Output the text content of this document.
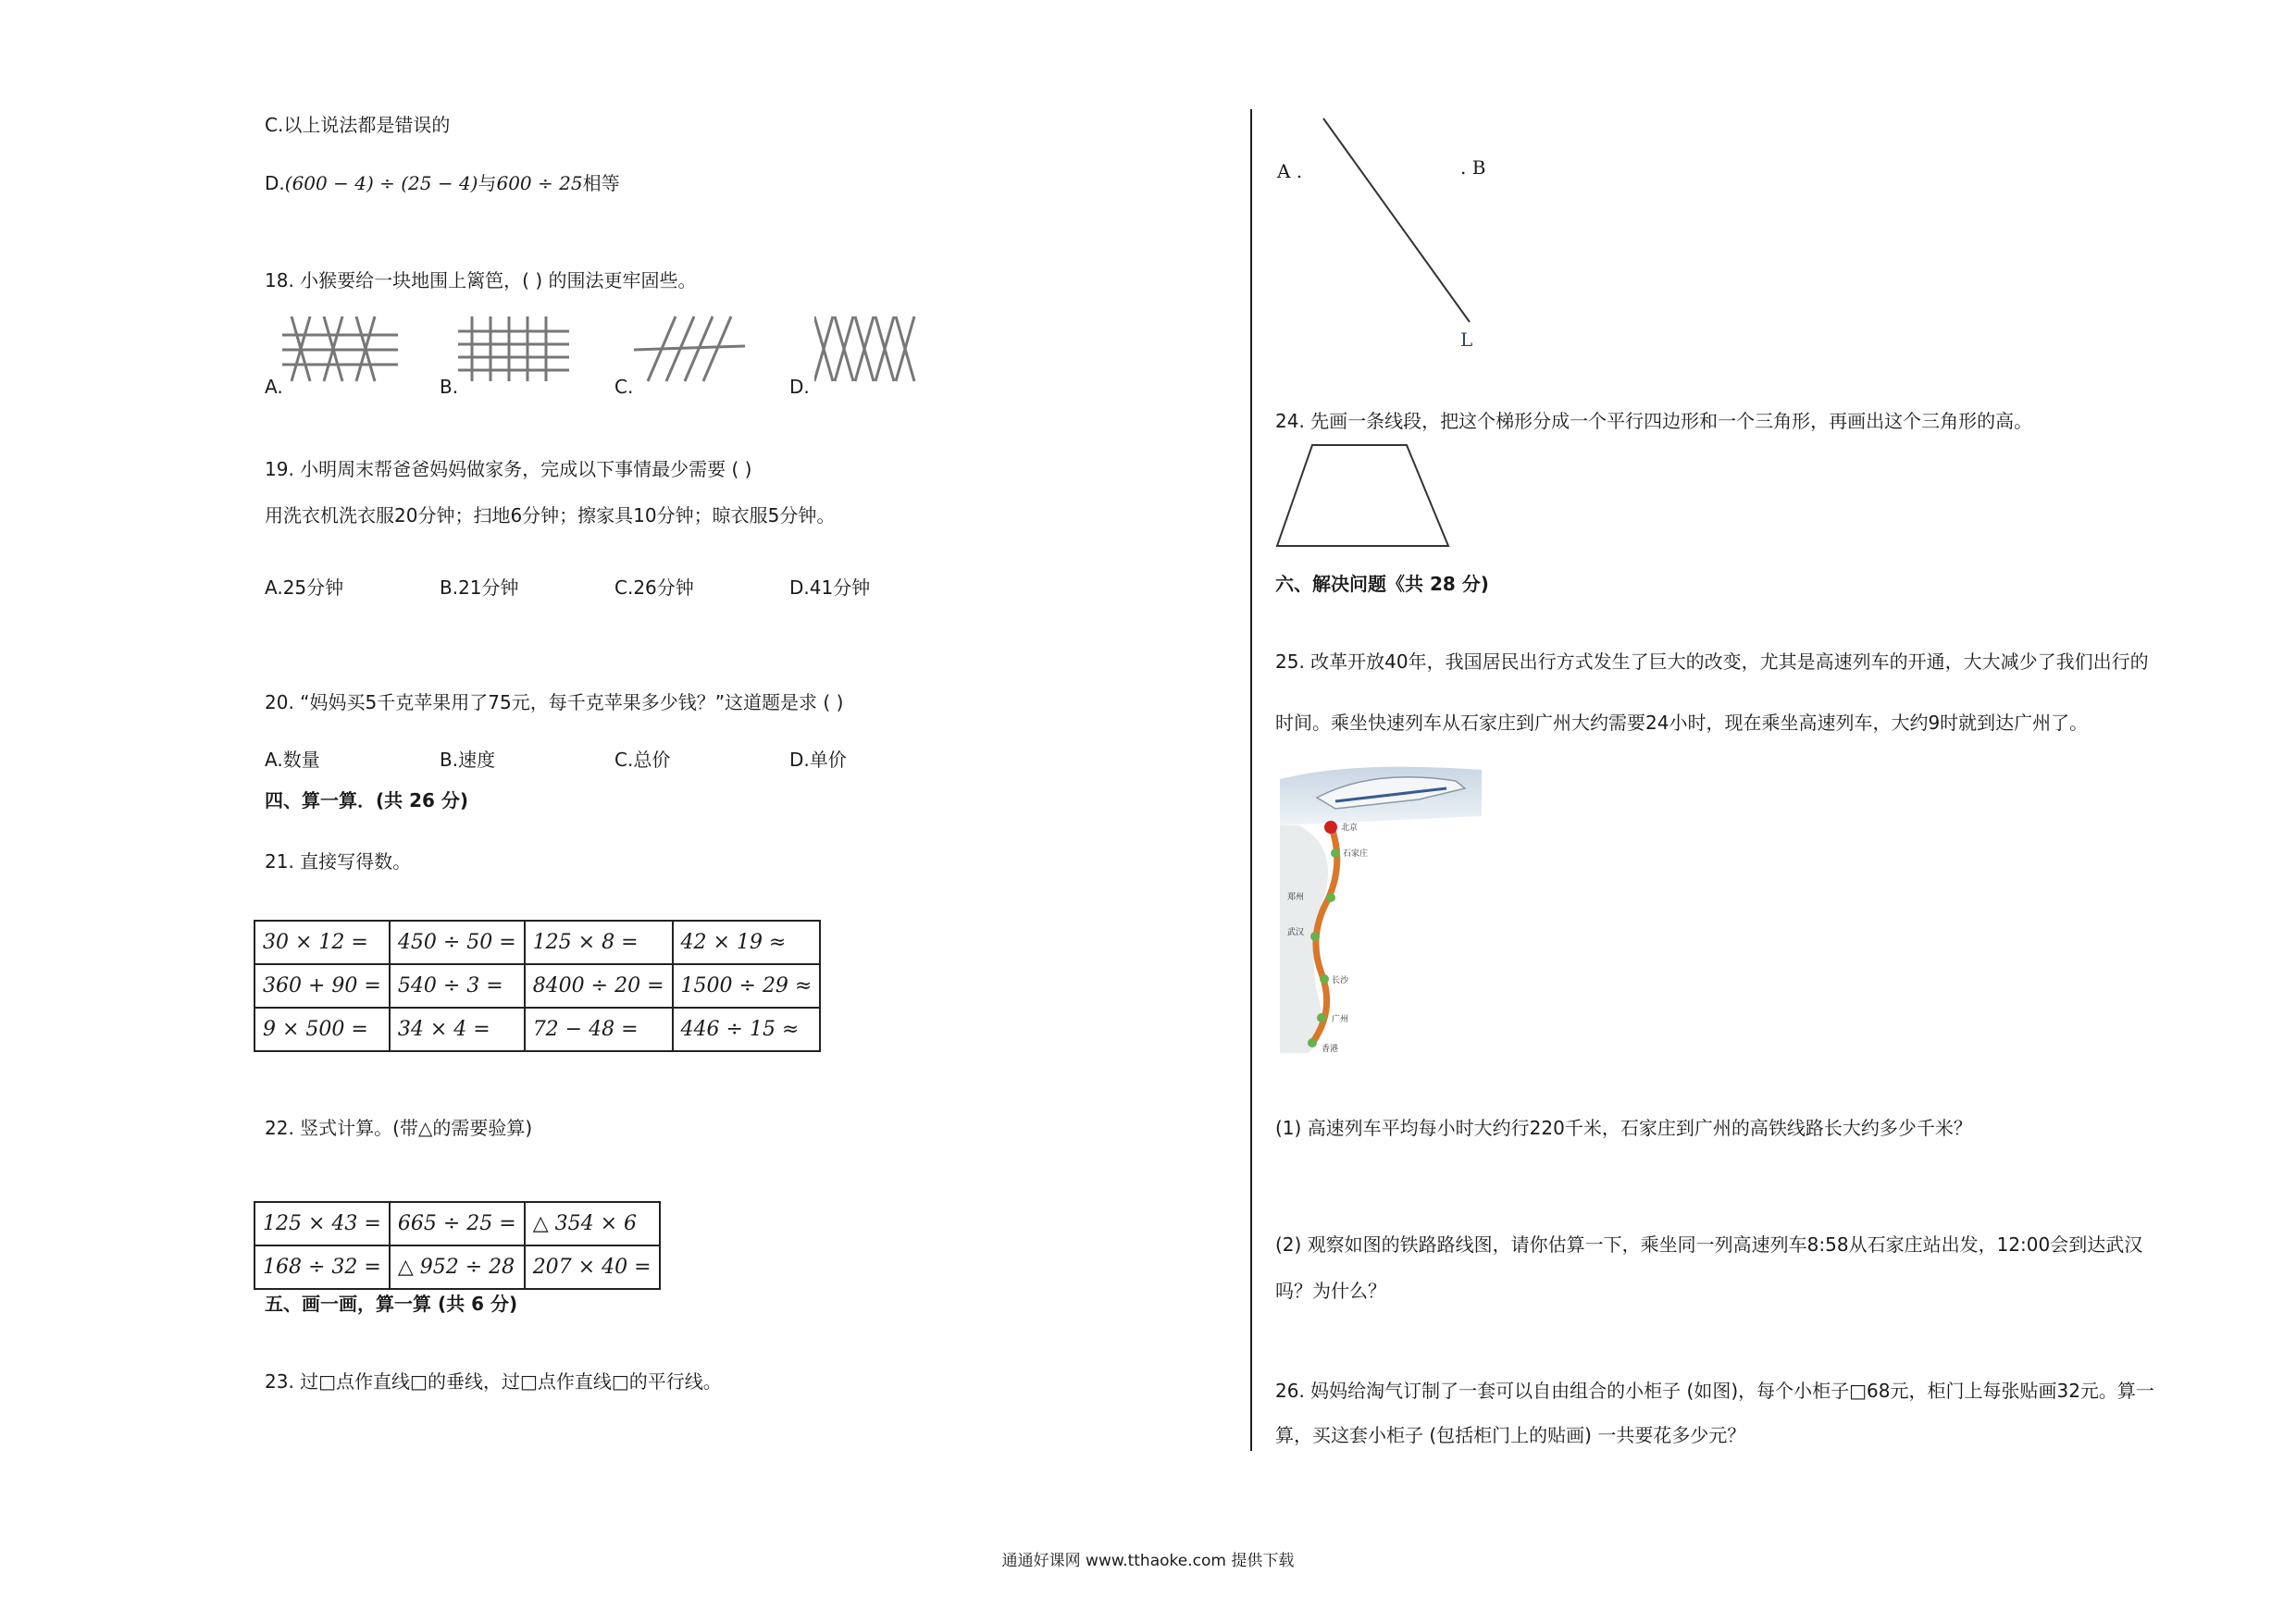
C.以上说法都是错误的
D.(600 − 4) ÷ (25 − 4)与600 ÷ 25相等
18. 小猴要给一块地围上篱笆，( ) 的围法更牢固些。
A.	B.	C.	D.
19. 小明周末帮爸爸妈妈做家务，完成以下事情最少需要 ( )
用洗衣机洗衣服20分钟；扫地6分钟；擦家具10分钟；晾衣服5分钟。
A.25分钟	B.21分钟	C.26分钟	D.41分钟
20. “妈妈买5千克苹果用了75元，每千克苹果多少钱？”这道题是求 ( )
A.数量	B.速度	C.总价	D.单价
四、算一算．(共 26 分)
21. 直接写得数。
30 × 12 =	450 ÷ 50 =	125 × 8 =	42 × 19 ≈
360 + 90 =	540 ÷ 3 =	8400 ÷ 20 =	1500 ÷ 29 ≈
9 × 500 =	34 × 4 =	72 − 48 =	446 ÷ 15 ≈
22. 竖式计算。(带△的需要验算)
125 × 43 =	665 ÷ 25 =	△ 354 × 6
168 ÷ 32 =	△ 952 ÷ 28	207 × 40 =
五、画一画，算一算 (共 6 分)
23. 过□点作直线□的垂线，过□点作直线□的平行线。
A .	. B
L
24. 先画一条线段，把这个梯形分成一个平行四边形和一个三角形，再画出这个三角形的高。
六、解决问题《共 28 分)
25. 改革开放40年，我国居民出行方式发生了巨大的改变，尤其是高速列车的开通，大大减少了我们出行的
时间。乘坐快速列车从石家庄到广州大约需要24小时，现在乘坐高速列车，大约9时就到达广州了。
北京
石家庄
郑州
武汉
长沙
广州
香港
(1) 高速列车平均每小时大约行220千米，石家庄到广州的高铁线路长大约多少千米？
(2) 观察如图的铁路路线图，请你估算一下，乘坐同一列高速列车8:58从石家庄站出发，12:00会到达武汉
吗？为什么？
26. 妈妈给淘气订制了一套可以自由组合的小柜子 (如图)，每个小柜子□68元，柜门上每张贴画32元。算一
算，买这套小柜子 (包括柜门上的贴画) 一共要花多少元？
通通好课网 www.tthaoke.com 提供下载
